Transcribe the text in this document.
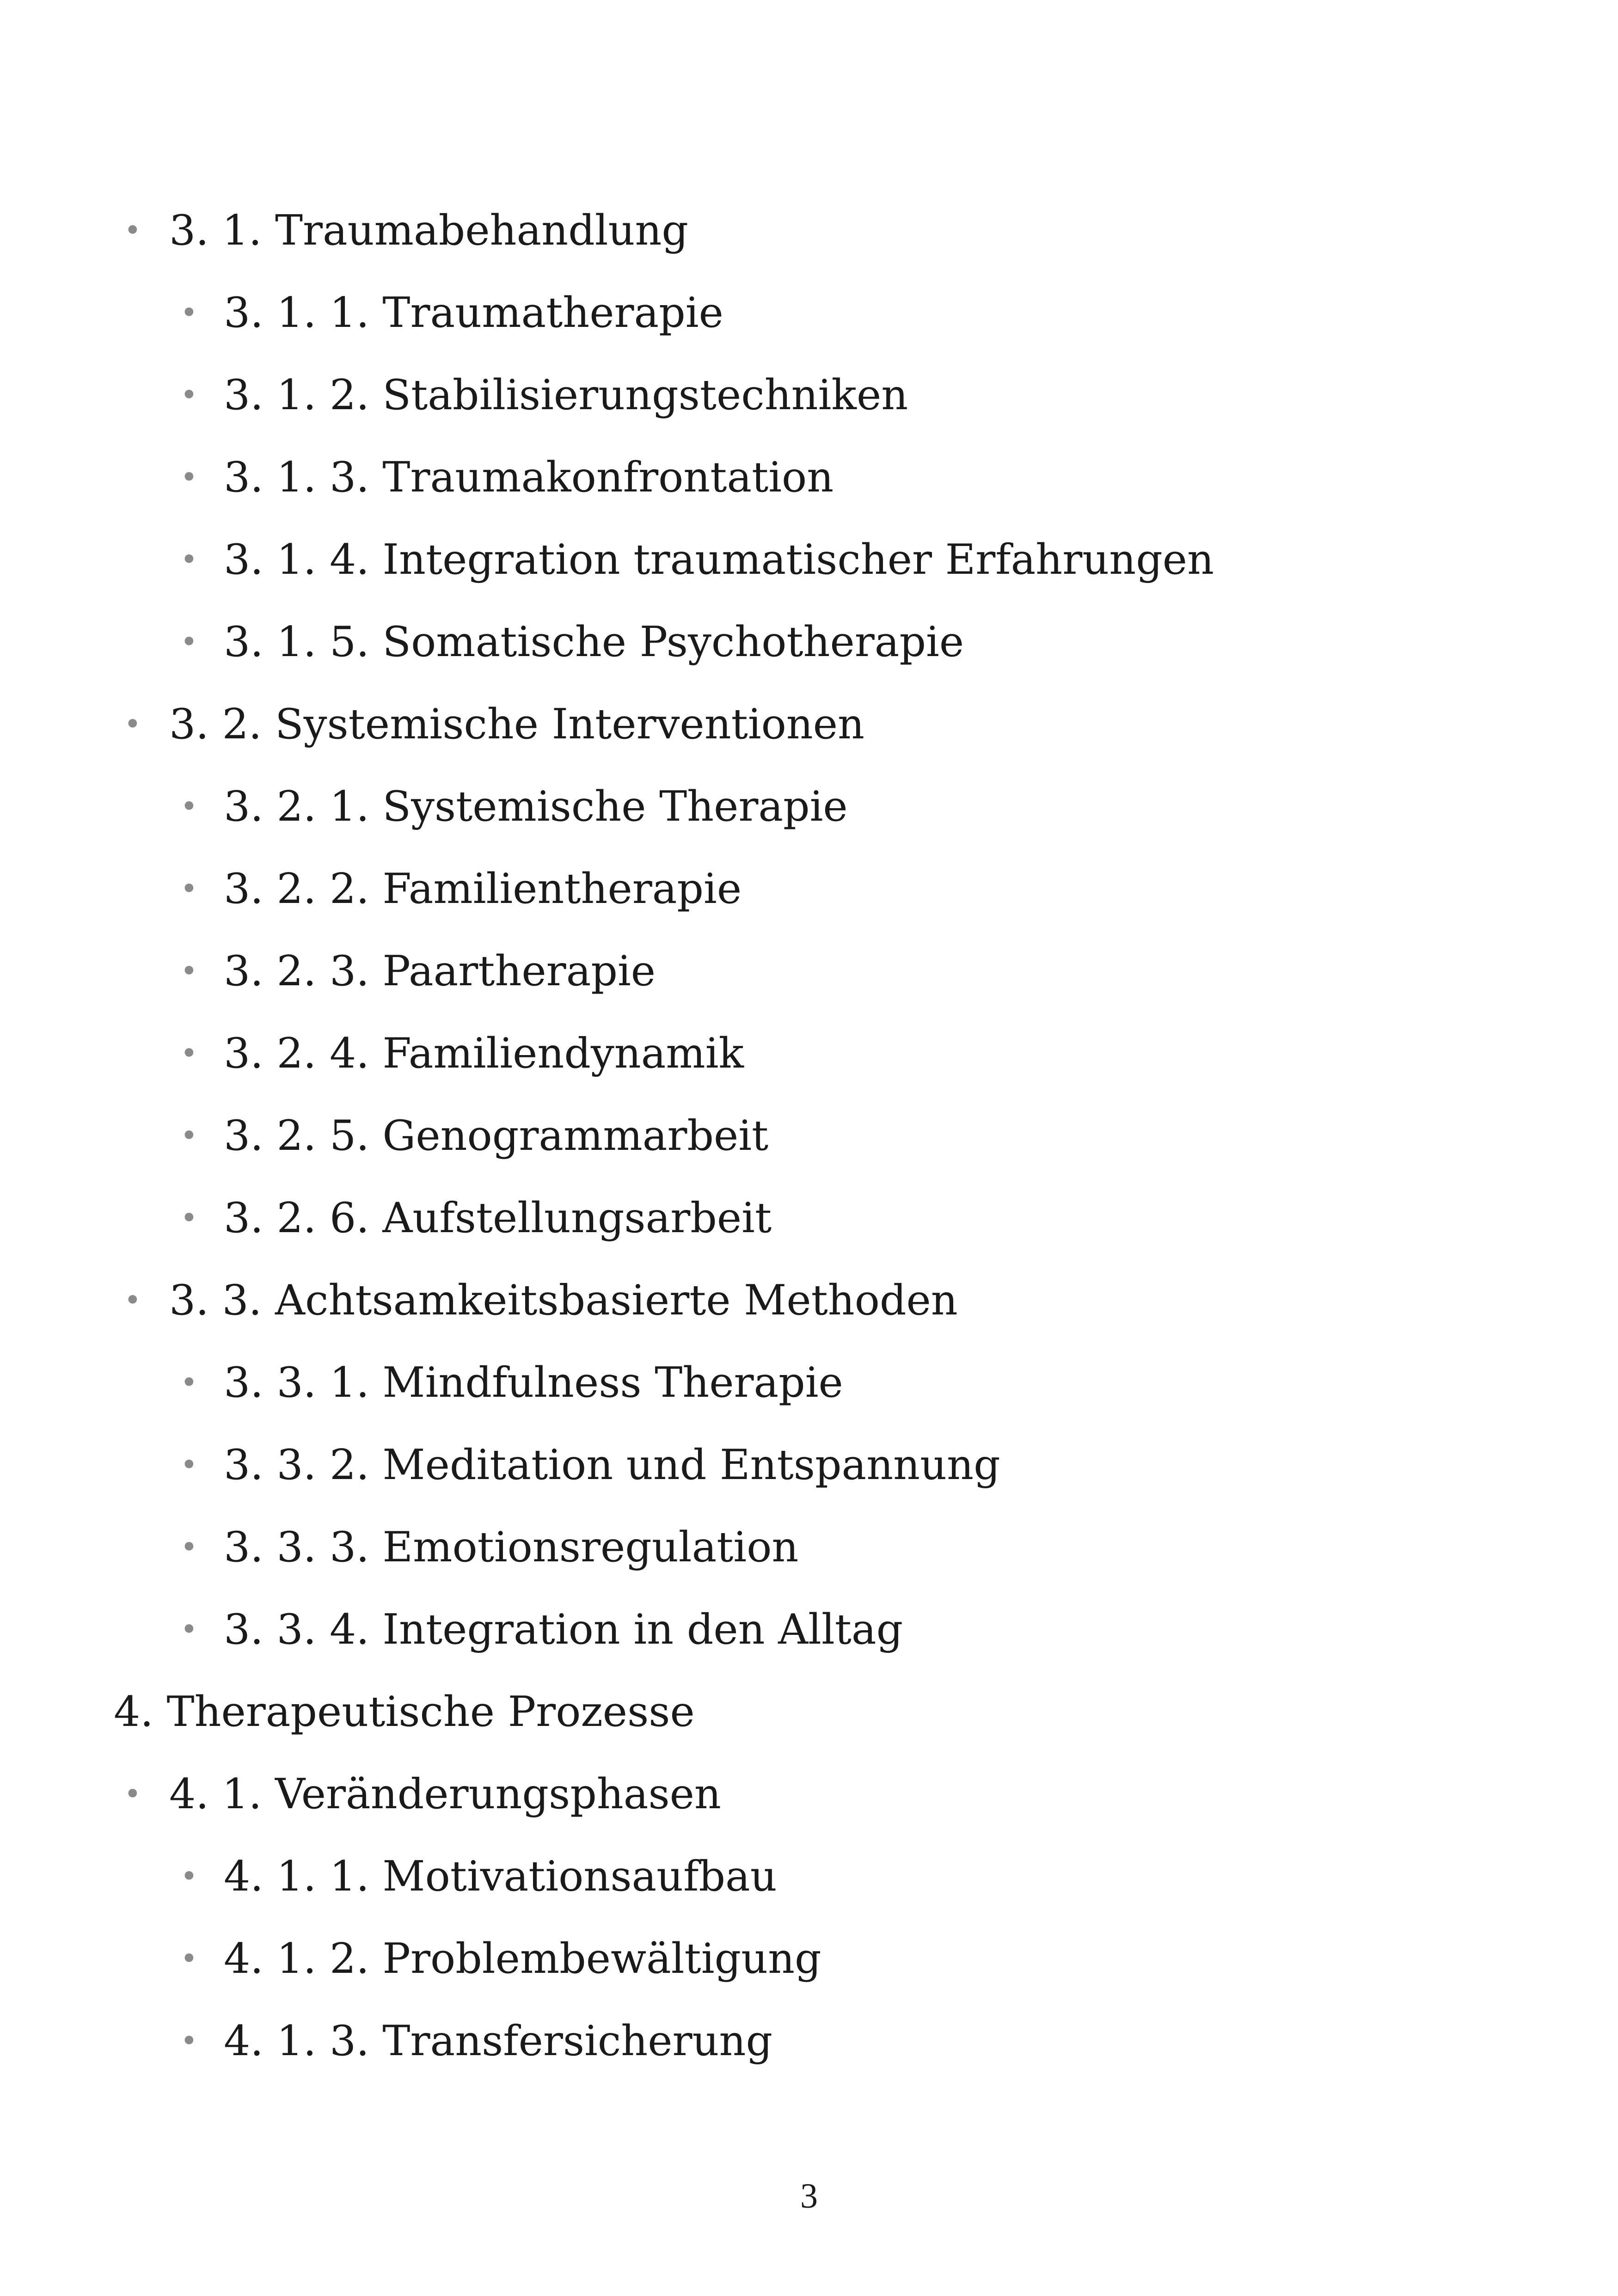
• 3. 1. Traumabehandlung
• 3. 1. 1. Traumatherapie
• 3. 1. 2. Stabilisierungstechniken
• 3. 1. 3. Traumakonfrontation
• 3. 1. 4. Integration traumatischer Erfahrungen
• 3. 1. 5. Somatische Psychotherapie
• 3. 2. Systemische Interventionen
• 3. 2. 1. Systemische Therapie
• 3. 2. 2. Familientherapie
• 3. 2. 3. Paartherapie
• 3. 2. 4. Familiendynamik
• 3. 2. 5. Genogrammarbeit
• 3. 2. 6. Aufstellungsarbeit
• 3. 3. Achtsamkeitsbasierte Methoden
• 3. 3. 1. Mindfulness Therapie
• 3. 3. 2. Meditation und Entspannung
• 3. 3. 3. Emotionsregulation
• 3. 3. 4. Integration in den Alltag
4. Therapeutische Prozesse
• 4. 1. Veränderungsphasen
• 4. 1. 1. Motivationsaufbau
• 4. 1. 2. Problembewältigung
• 4. 1. 3. Transfersicherung
3
